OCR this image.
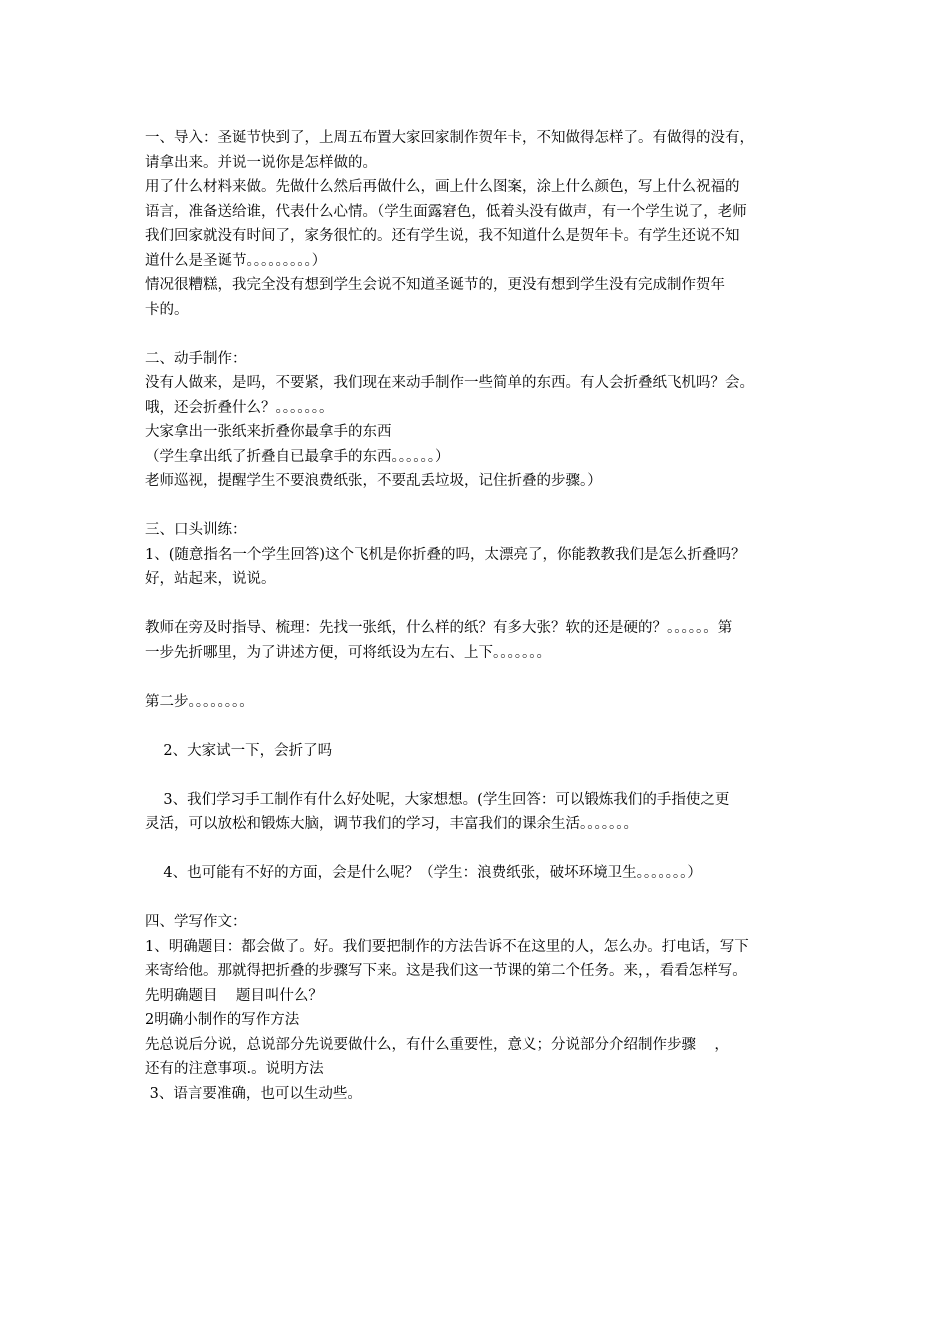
一、导入：圣诞节快到了，上周五布置大家回家制作贺年卡，不知做得怎样了。有做得的没有，
请拿出来。并说一说你是怎样做的。
用了什么材料来做。先做什么然后再做什么，画上什么图案，涂上什么颜色，写上什么祝福的
语言，准备送给谁，代表什么心情。（学生面露窘色，低着头没有做声，有一个学生说了，老师
我们回家就没有时间了，家务很忙的。还有学生说，我不知道什么是贺年卡。有学生还说不知
道什么是圣诞节。。。。。。。。。）
情况很糟糕，我完全没有想到学生会说不知道圣诞节的，更没有想到学生没有完成制作贺年
卡的。
二、动手制作：
没有人做来，是吗，不要紧，我们现在来动手制作一些简单的东西。有人会折叠纸飞机吗？会。
哦，还会折叠什么？。。。。。。。
大家拿出一张纸来折叠你最拿手的东西
（学生拿出纸了折叠自已最拿手的东西。。。。。。）
老师巡视，提醒学生不要浪费纸张，不要乱丢垃圾，记住折叠的步骤。）
三、口头训练：
1、(随意指名一个学生回答)这个飞机是你折叠的吗，太漂亮了，你能教教我们是怎么折叠吗？
好，站起来，说说。
教师在旁及时指导、梳理：先找一张纸，什么样的纸？有多大张？软的还是硬的？。。。。。。第
一步先折哪里，为了讲述方便，可将纸设为左右、上下。。。。。。。
第二步。。。。。。。。
2、大家试一下，会折了吗
3、我们学习手工制作有什么好处呢，大家想想。(学生回答：可以锻炼我们的手指使之更
灵活，可以放松和锻炼大脑，调节我们的学习，丰富我们的课余生活。。。。。。。
4、也可能有不好的方面，会是什么呢？（学生：浪费纸张，破坏环境卫生。。。。。。。）
四、学写作文：
1、明确题目：都会做了。好。我们要把制作的方法告诉不在这里的人，怎么办。打电话，写下
来寄给他。那就得把折叠的步骤写下来。这是我们这一节课的第二个任务。来，，看看怎样写。
先明确题目    题目叫什么？
2明确小制作的写作方法
先总说后分说，总说部分先说要做什么，有什么重要性，意义；分说部分介绍制作步骤    ，
还有的注意事项.。说明方法
3、语言要准确，也可以生动些。
